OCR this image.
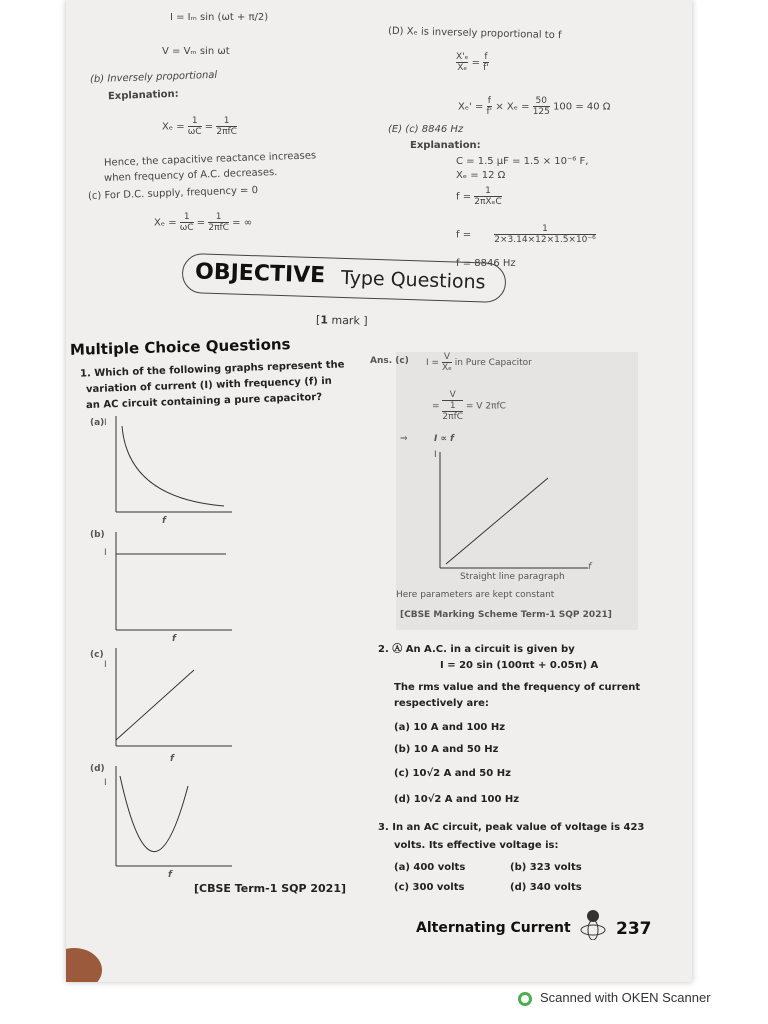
I = Iₘ sin (ωt + π/2)
V = Vₘ sin ωt
(b) Inversely proportional
Explanation:
$X_e = \frac{1}{\omega C} = \frac{1}{\text{2πfC}}$
Hence, the capacitive reactance increases
when frequency of A.C. decreases.
(c) For D.C. supply, frequency = 0
$X_e = \frac{1}{\omega C} = \frac{1}{\text{2πfC}}$ = ∞
(D) Xₑ is inversely proportional to f
$\frac{\text{X'ₑ}}{\text{Xₑ}} = \frac{f}{f'}$
$X_e' = \frac{f}{f'} \times X_e = \frac{50}{125} 100 = 40$ Ω
(E) (c) 8846 Hz
Explanation:
C = 1.5 μF = 1.5 × 10⁻⁶ F,
Xₑ = 12 Ω
$f = \frac{1}{\text{2πXₑC}}$
f =	$\frac{1}{\text{2×3.14×12×1.5×10⁻⁶}}$
f = 8846 Hz
OBJECTIVE Type Questions
[1 mark ]
Multiple Choice Questions
1. Which of the following graphs represent the
variation of current (I) with frequency (f) in
an AC circuit containing a pure capacitor?
(a) I
f
(b)
I
f
(c)
I
f
(d)
I
f
[CBSE Term-1 SQP 2021]
Ans. (c) $I = \frac{V}{\text{Xₑ}}$ in Pure Capacitor
= V
1
2πfC = V 2πfC
⇒	I ∝ f
I
f
Straight line paragraph
Here parameters are kept constant
[CBSE Marking Scheme Term-1 SQP 2021]
2. Ⓐ An A.C. in a circuit is given by
I = 20 sin (100πt + 0.05π) A
The rms value and the frequency of current
respectively are:
(a) 10 A and 100 Hz
(b) 10 A and 50 Hz
(c) 10√2 A and 50 Hz
(d) 10√2 A and 100 Hz
3. In an AC circuit, peak value of voltage is 423
volts. Its effective voltage is:
(a) 400 volts	(b) 323 volts
(c) 300 volts	(d) 340 volts
Alternating Current	237
Scanned with OKEN Scanner
